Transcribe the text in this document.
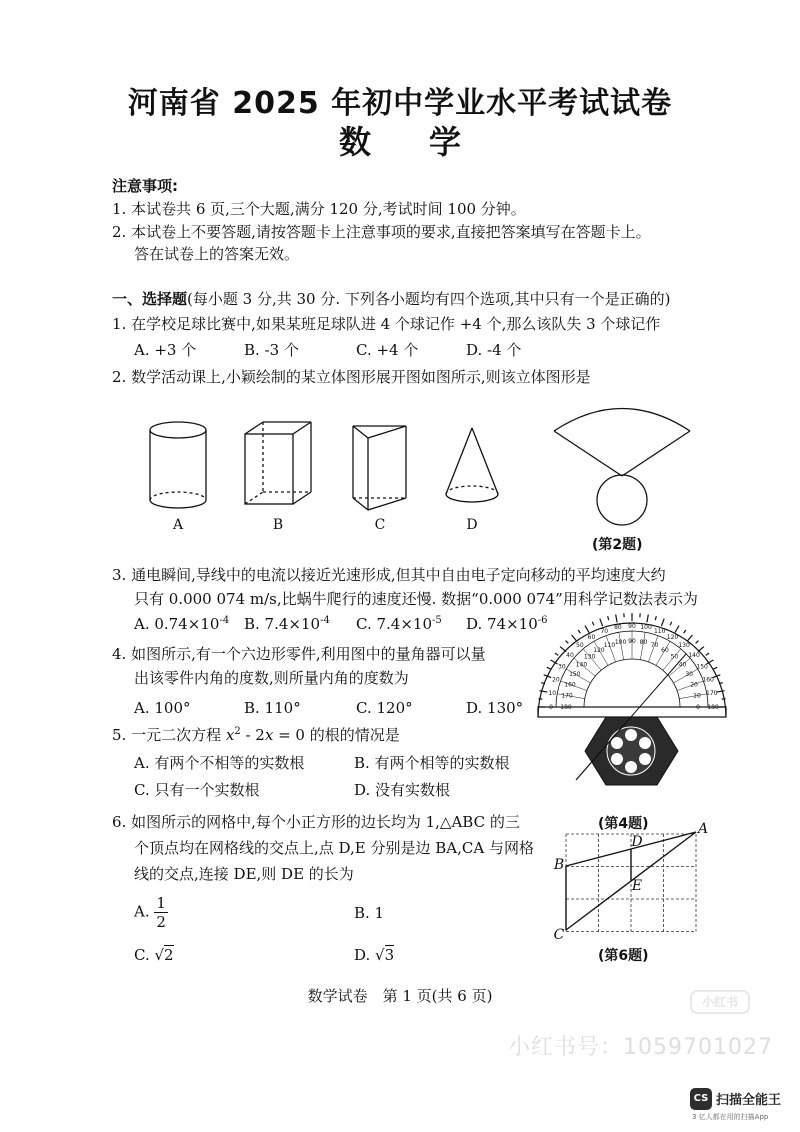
河南省 2025 年初中学业水平考试试卷
数学
注意事项:
1. 本试卷共 6 页,三个大题,满分 120 分,考试时间 100 分钟。
2. 本试卷上不要答题,请按答题卡上注意事项的要求,直接把答案填写在答题卡上。
答在试卷上的答案无效。
一、选择题(每小题 3 分,共 30 分. 下列各小题均有四个选项,其中只有一个是正确的)
1. 在学校足球比赛中,如果某班足球队进 4 个球记作 +4 个,那么该队失 3 个球记作
A. +3 个	B. -3 个	C. +4 个	D. -4 个
2. 数学活动课上,小颖绘制的某立体图形展开图如图所示,则该立体图形是
A	B	C	D
(第2题)
3. 通电瞬间,导线中的电流以接近光速形成,但其中自由电子定向移动的平均速度大约
只有 0.000 074 m/s,比蜗牛爬行的速度还慢. 数据“0.000 074”用科学记数法表示为
A. $0.74\times 10^{-4}$ B. $7.4\times 10^{-4}$ C. $7.4\times 10^{-5}$ D. $74\times 10^{-6}$
4. 如图所示,有一个六边形零件,利用图中的量角器可以量
出该零件内角的度数,则所量内角的度数为
A. 100°	B. 110°	C. 120°	D. 130°	0
10
20
30
40
50
60
70
80 90 100
110
120
130
140
150
160
170
180
180
170
160
150
140
130
120
110 100 90 80 70
60
50
40
30
20
10
0
(第4题)
5. 一元二次方程 $x^2 - 2x = 0$ 的根的情况是
A. 有两个不相等的实数根	B. 有两个相等的实数根
C. 只有一个实数根	D. 没有实数根
6. 如图所示的网格中,每个小正方形的边长均为 1,△ABC 的三
个顶点均在网格线的交点上,点 D,E 分别是边 BA,CA 与网格
线的交点,连接 DE,则 DE 的长为
A. $\frac{1}{2}$	B. 1
C. √2	D. √3
A
B
C
D
E
(第6题)
数学试卷　第 1 页(共 6 页)	小红书
小红书号：1059701027
CS 扫描全能王
3 亿人都在用的扫描App
